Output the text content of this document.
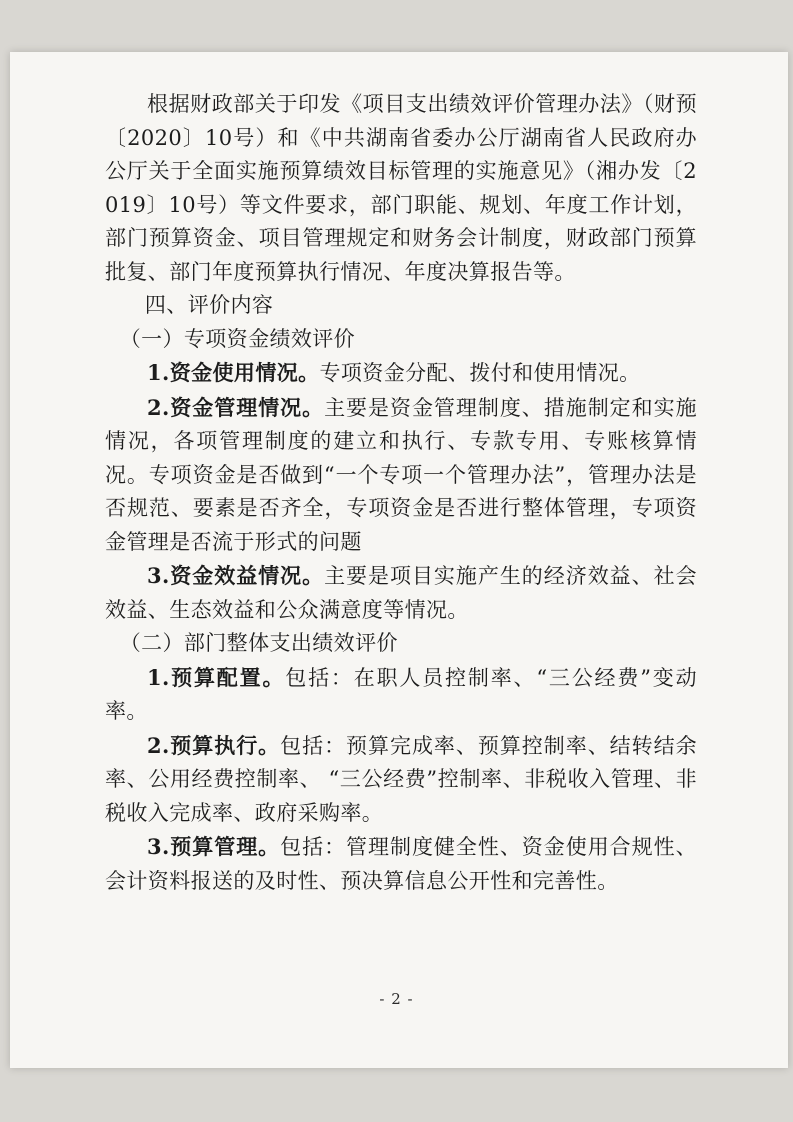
根据财政部关于印发《项目支出绩效评价管理办法》（财预〔2020〕10号）和《中共湖南省委办公厅湖南省人民政府办公厅关于全面实施预算绩效目标管理的实施意见》（湘办发〔2019〕10号）等文件要求，部门职能、规划、年度工作计划，部门预算资金、项目管理规定和财务会计制度，财政部门预算批复、部门年度预算执行情况、年度决算报告等。

四、评价内容

（一）专项资金绩效评价

1.资金使用情况。专项资金分配、拨付和使用情况。

2.资金管理情况。主要是资金管理制度、措施制定和实施情况，各项管理制度的建立和执行、专款专用、专账核算情况。专项资金是否做到“一个专项一个管理办法”，管理办法是否规范、要素是否齐全，专项资金是否进行整体管理，专项资金管理是否流于形式的问题

3.资金效益情况。主要是项目实施产生的经济效益、社会效益、生态效益和公众满意度等情况。

（二）部门整体支出绩效评价

1.预算配置。包括：在职人员控制率、“三公经费”变动率。

2.预算执行。包括：预算完成率、预算控制率、结转结余率、公用经费控制率、 “三公经费”控制率、非税收入管理、非税收入完成率、政府采购率。

3.预算管理。包括：管理制度健全性、资金使用合规性、会计资料报送的及时性、预决算信息公开性和完善性。

- 2 -
